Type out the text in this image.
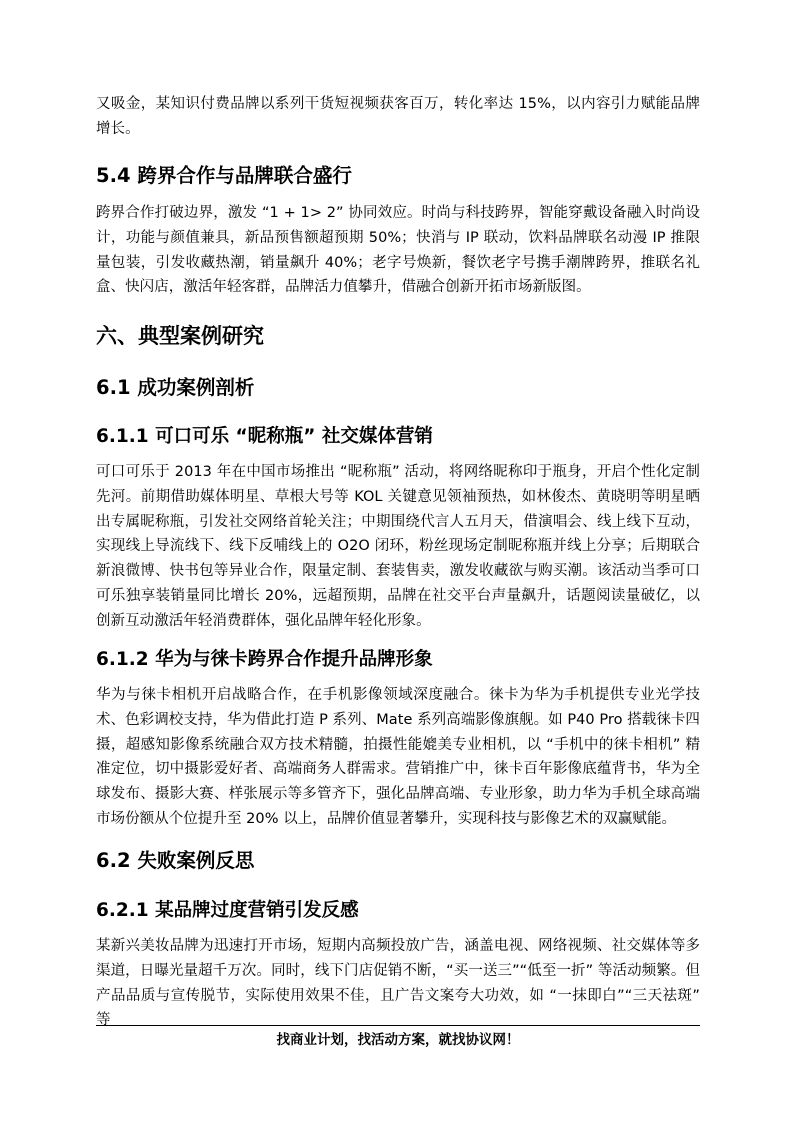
又吸金，某知识付费品牌以系列干货短视频获客百万，转化率达 15%，以内容引力赋能品牌增长。

5.4 跨界合作与品牌联合盛行

跨界合作打破边界，激发 “1 + 1> 2” 协同效应。时尚与科技跨界，智能穿戴设备融入时尚设计，功能与颜值兼具，新品预售额超预期 50%；快消与 IP 联动，饮料品牌联名动漫 IP 推限量包装，引发收藏热潮，销量飙升 40%；老字号焕新，餐饮老字号携手潮牌跨界，推联名礼盒、快闪店，激活年轻客群，品牌活力值攀升，借融合创新开拓市场新版图。

六、典型案例研究
6.1 成功案例剖析
6.1.1 可口可乐 “昵称瓶” 社交媒体营销

可口可乐于 2013 年在中国市场推出 “昵称瓶” 活动，将网络昵称印于瓶身，开启个性化定制先河。前期借助媒体明星、草根大号等 KOL 关键意见领袖预热，如林俊杰、黄晓明等明星晒出专属昵称瓶，引发社交网络首轮关注；中期围绕代言人五月天，借演唱会、线上线下互动，实现线上导流线下、线下反哺线上的 O2O 闭环，粉丝现场定制昵称瓶并线上分享；后期联合新浪微博、快书包等异业合作，限量定制、套装售卖，激发收藏欲与购买潮。该活动当季可口可乐独享装销量同比增长 20%，远超预期，品牌在社交平台声量飙升，话题阅读量破亿，以创新互动激活年轻消费群体，强化品牌年轻化形象。

6.1.2 华为与徕卡跨界合作提升品牌形象

华为与徕卡相机开启战略合作，在手机影像领域深度融合。徕卡为华为手机提供专业光学技术、色彩调校支持，华为借此打造 P 系列、Mate 系列高端影像旗舰。如 P40 Pro 搭载徕卡四摄，超感知影像系统融合双方技术精髓，拍摄性能媲美专业相机，以 “手机中的徕卡相机” 精准定位，切中摄影爱好者、高端商务人群需求。营销推广中，徕卡百年影像底蕴背书，华为全球发布、摄影大赛、样张展示等多管齐下，强化品牌高端、专业形象，助力华为手机全球高端市场份额从个位提升至 20% 以上，品牌价值显著攀升，实现科技与影像艺术的双赢赋能。

6.2 失败案例反思
6.2.1 某品牌过度营销引发反感

某新兴美妆品牌为迅速打开市场，短期内高频投放广告，涵盖电视、网络视频、社交媒体等多渠道，日曝光量超千万次。同时，线下门店促销不断，“买一送三”“低至一折” 等活动频繁。但产品品质与宣传脱节，实际使用效果不佳，且广告文案夸大功效，如 “一抹即白”“三天祛斑” 等

找商业计划，找活动方案，就找协议网！
